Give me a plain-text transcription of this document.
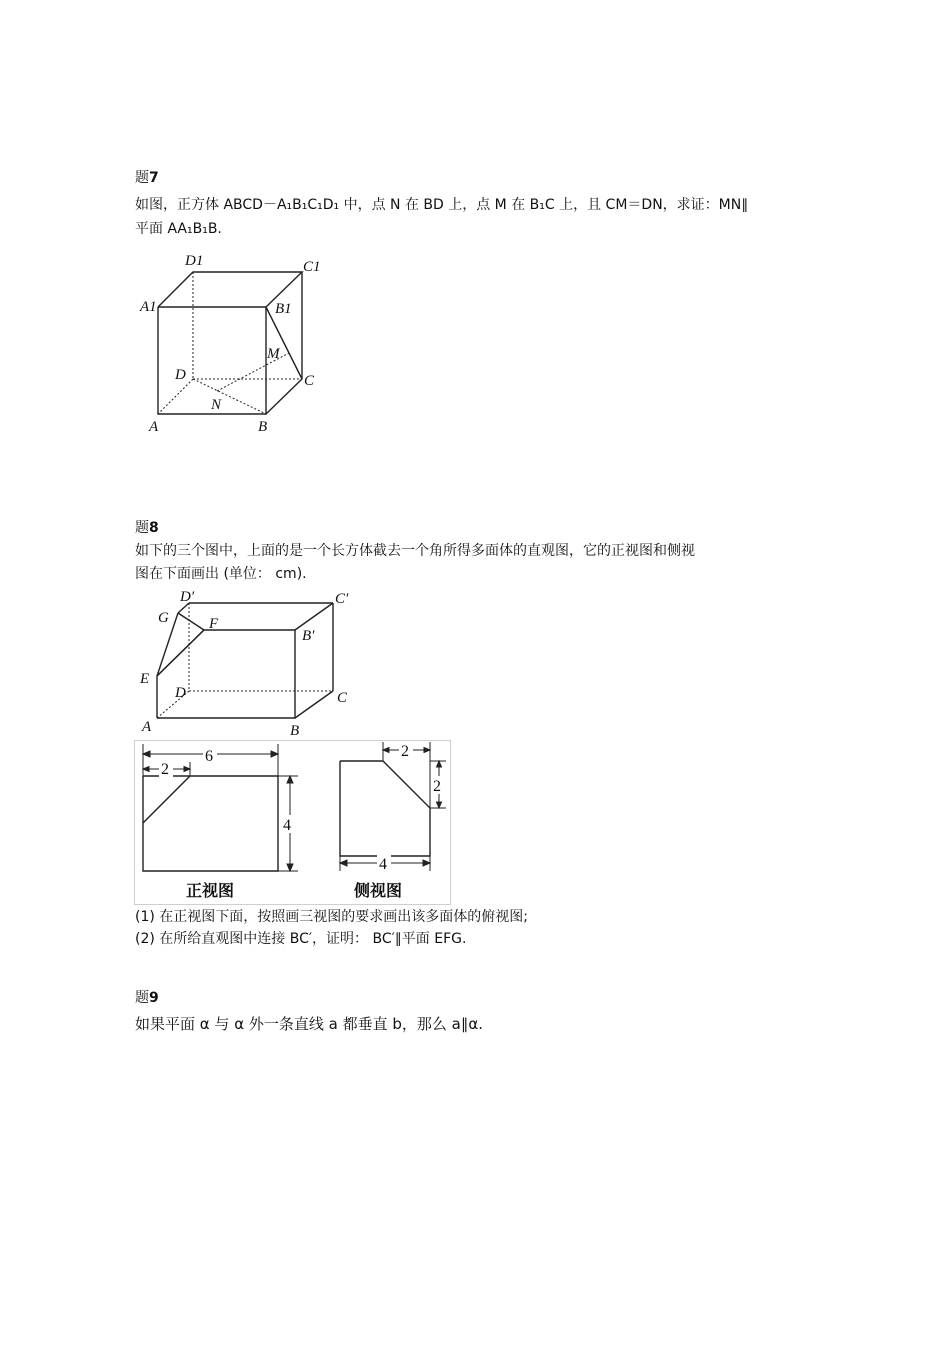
题7
如图，正方体 ABCD－A₁B₁C₁D₁ 中，点 N 在 BD 上，点 M 在 B₁C 上，且 CM＝DN，求证：MN∥
平面 AA₁B₁B.
D1	C1
A1	B1
M
D	C
N
A	B
题8
如下的三个图中，上面的是一个长方体截去一个角所得多面体的直观图，它的正视图和侧视
图在下面画出 (单位： cm).
D′	C′
G	F
B′
E
D	C
A	B
6
2
4
正视图
2
2
4
侧视图
(1) 在正视图下面，按照画三视图的要求画出该多面体的俯视图;
(2) 在所给直观图中连接 BC′，证明： BC′∥平面 EFG.
题9
如果平面 α 与 α 外一条直线 a 都垂直 b，那么 a∥α.
